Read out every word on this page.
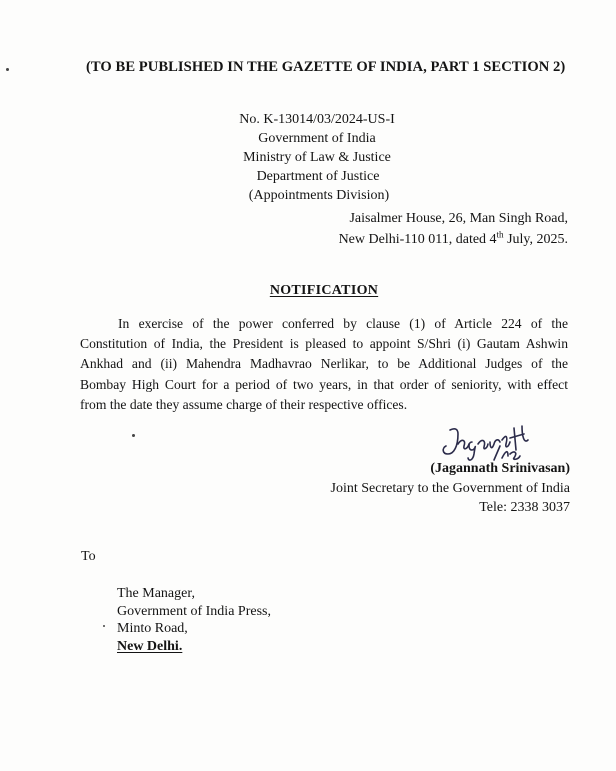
(TO BE PUBLISHED IN THE GAZETTE OF INDIA, PART 1 SECTION 2)
No. K-13014/03/2024-US-I
Government of India
Ministry of Law & Justice
Department of Justice
(Appointments Division)
Jaisalmer House, 26, Man Singh Road,
New Delhi-110 011, dated 4th July, 2025.
NOTIFICATION
In exercise of the power conferred by clause (1) of Article 224 of the
Constitution of India, the President is pleased to appoint S/Shri (i) Gautam Ashwin
Ankhad and (ii) Mahendra Madhavrao Nerlikar, to be Additional Judges of the
Bombay High Court for a period of two years, in that order of seniority, with effect
from the date they assume charge of their respective offices.
(Jagannath Srinivasan)
Joint Secretary to the Government of India
Tele: 2338 3037
To
The Manager,
Government of India Press,
Minto Road,
New Delhi.
